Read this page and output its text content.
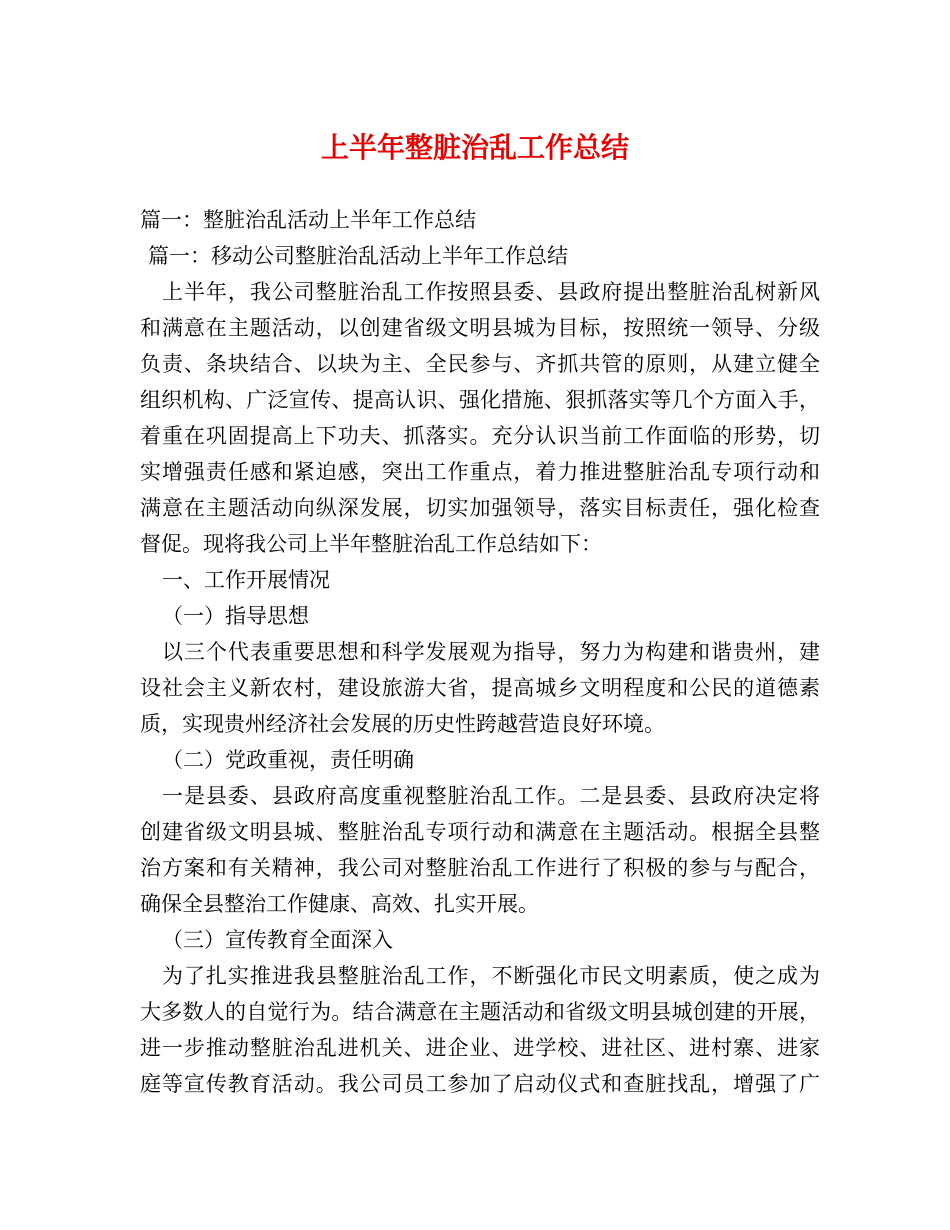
上半年整脏治乱工作总结
篇一：整脏治乱活动上半年工作总结
篇一：移动公司整脏治乱活动上半年工作总结
上半年，我公司整脏治乱工作按照县委、县政府提出整脏治乱树新风
和满意在主题活动，以创建省级文明县城为目标，按照统一领导、分级
负责、条块结合、以块为主、全民参与、齐抓共管的原则，从建立健全
组织机构、广泛宣传、提高认识、强化措施、狠抓落实等几个方面入手，
着重在巩固提高上下功夫、抓落实。充分认识当前工作面临的形势，切
实增强责任感和紧迫感，突出工作重点，着力推进整脏治乱专项行动和
满意在主题活动向纵深发展，切实加强领导，落实目标责任，强化检查
督促。现将我公司上半年整脏治乱工作总结如下：
一、工作开展情况
（一）指导思想
以三个代表重要思想和科学发展观为指导，努力为构建和谐贵州，建
设社会主义新农村，建设旅游大省，提高城乡文明程度和公民的道德素
质，实现贵州经济社会发展的历史性跨越营造良好环境。
（二）党政重视，责任明确
一是县委、县政府高度重视整脏治乱工作。二是县委、县政府决定将
创建省级文明县城、整脏治乱专项行动和满意在主题活动。根据全县整
治方案和有关精神，我公司对整脏治乱工作进行了积极的参与与配合，
确保全县整治工作健康、高效、扎实开展。
（三）宣传教育全面深入
为了扎实推进我县整脏治乱工作，不断强化市民文明素质，使之成为
大多数人的自觉行为。结合满意在主题活动和省级文明县城创建的开展，
进一步推动整脏治乱进机关、进企业、进学校、进社区、进村寨、进家
庭等宣传教育活动。我公司员工参加了启动仪式和查脏找乱，增强了广
